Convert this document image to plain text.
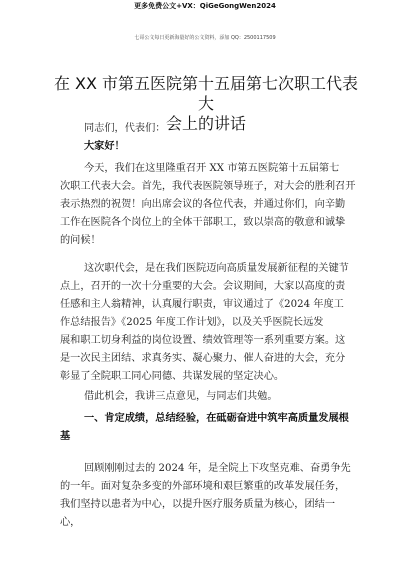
更多免费公文+VX：QiGeGongWen2024
七哥公文每日更新海量好的公文资料，添加 QQ：2500117509
在 XX 市第五医院第十五届第七次职工代表大
会上的讲话
同志们，代表们：
大家好！
今天，我们在这里隆重召开 XX 市第五医院第十五届第七
次职工代表大会。首先，我代表医院领导班子，对大会的胜利召开
表示热烈的祝贺！向出席会议的各位代表，并通过你们，向辛勤
工作在医院各个岗位上的全体干部职工，致以崇高的敬意和诚挚
的问候！
这次职代会，是在我们医院迈向高质量发展新征程的关键节
点上，召开的一次十分重要的大会。会议期间，大家以高度的责
任感和主人翁精神，认真履行职责，审议通过了《2024 年度工
作总结报告》《2025 年度工作计划》，以及关乎医院长远发
展和职工切身利益的岗位设置、绩效管理等一系列重要方案。这
是一次民主团结、求真务实、凝心聚力、催人奋进的大会，充分
彰显了全院职工同心同德、共谋发展的坚定决心。
借此机会，我讲三点意见，与同志们共勉。
一、肯定成绩，总结经验，在砥砺奋进中筑牢高质量发展根
基
回顾刚刚过去的 2024 年，是全院上下攻坚克难、奋勇争先
的一年。面对复杂多变的外部环境和艰巨繁重的改革发展任务，
我们坚持以患者为中心，以提升医疗服务质量为核心，团结一
心，
